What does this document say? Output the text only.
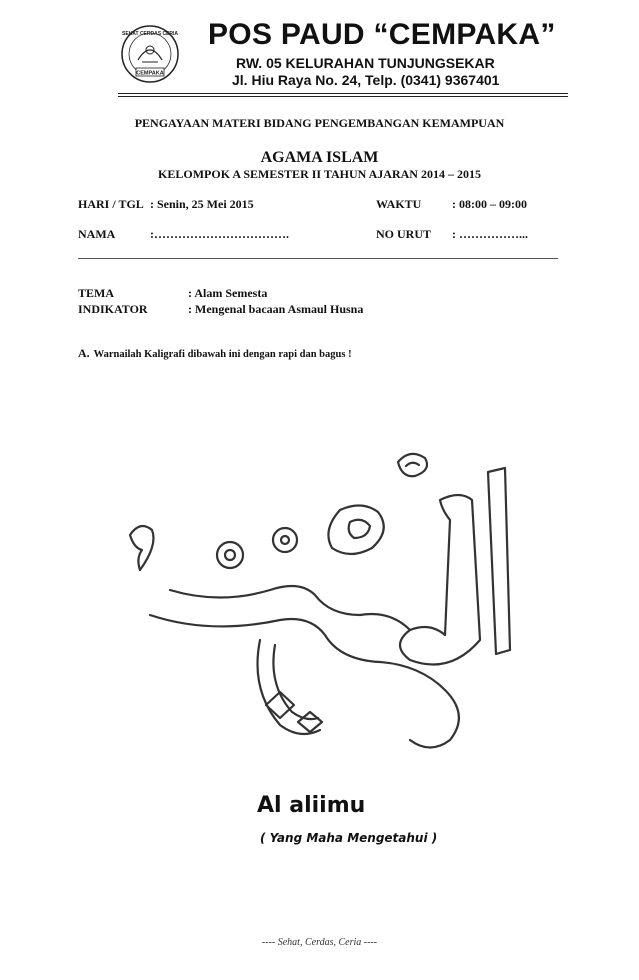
SEHAT CERDAS CERIA
CEMPAKA
POS PAUD “CEMPAKA”
RW. 05 KELURAHAN TUNJUNGSEKAR
Jl. Hiu Raya No. 24, Telp. (0341) 9367401
PENGAYAAN MATERI BIDANG PENGEMBANGAN KEMAMPUAN
AGAMA ISLAM
KELOMPOK A SEMESTER II TAHUN AJARAN 2014 – 2015
HARI / TGL : Senin, 25 Mei 2015	WAKTU	: 08:00 – 09:00
NAMA	:…………………………….	NO URUT : ……………...
TEMA	: Alam Semesta
INDIKATOR	: Mengenal bacaan Asmaul Husna
A. Warnailah Kaligrafi dibawah ini dengan rapi dan bagus !
Al aliimu
( Yang Maha Mengetahui )
---- Sehat, Cerdas, Ceria ----
